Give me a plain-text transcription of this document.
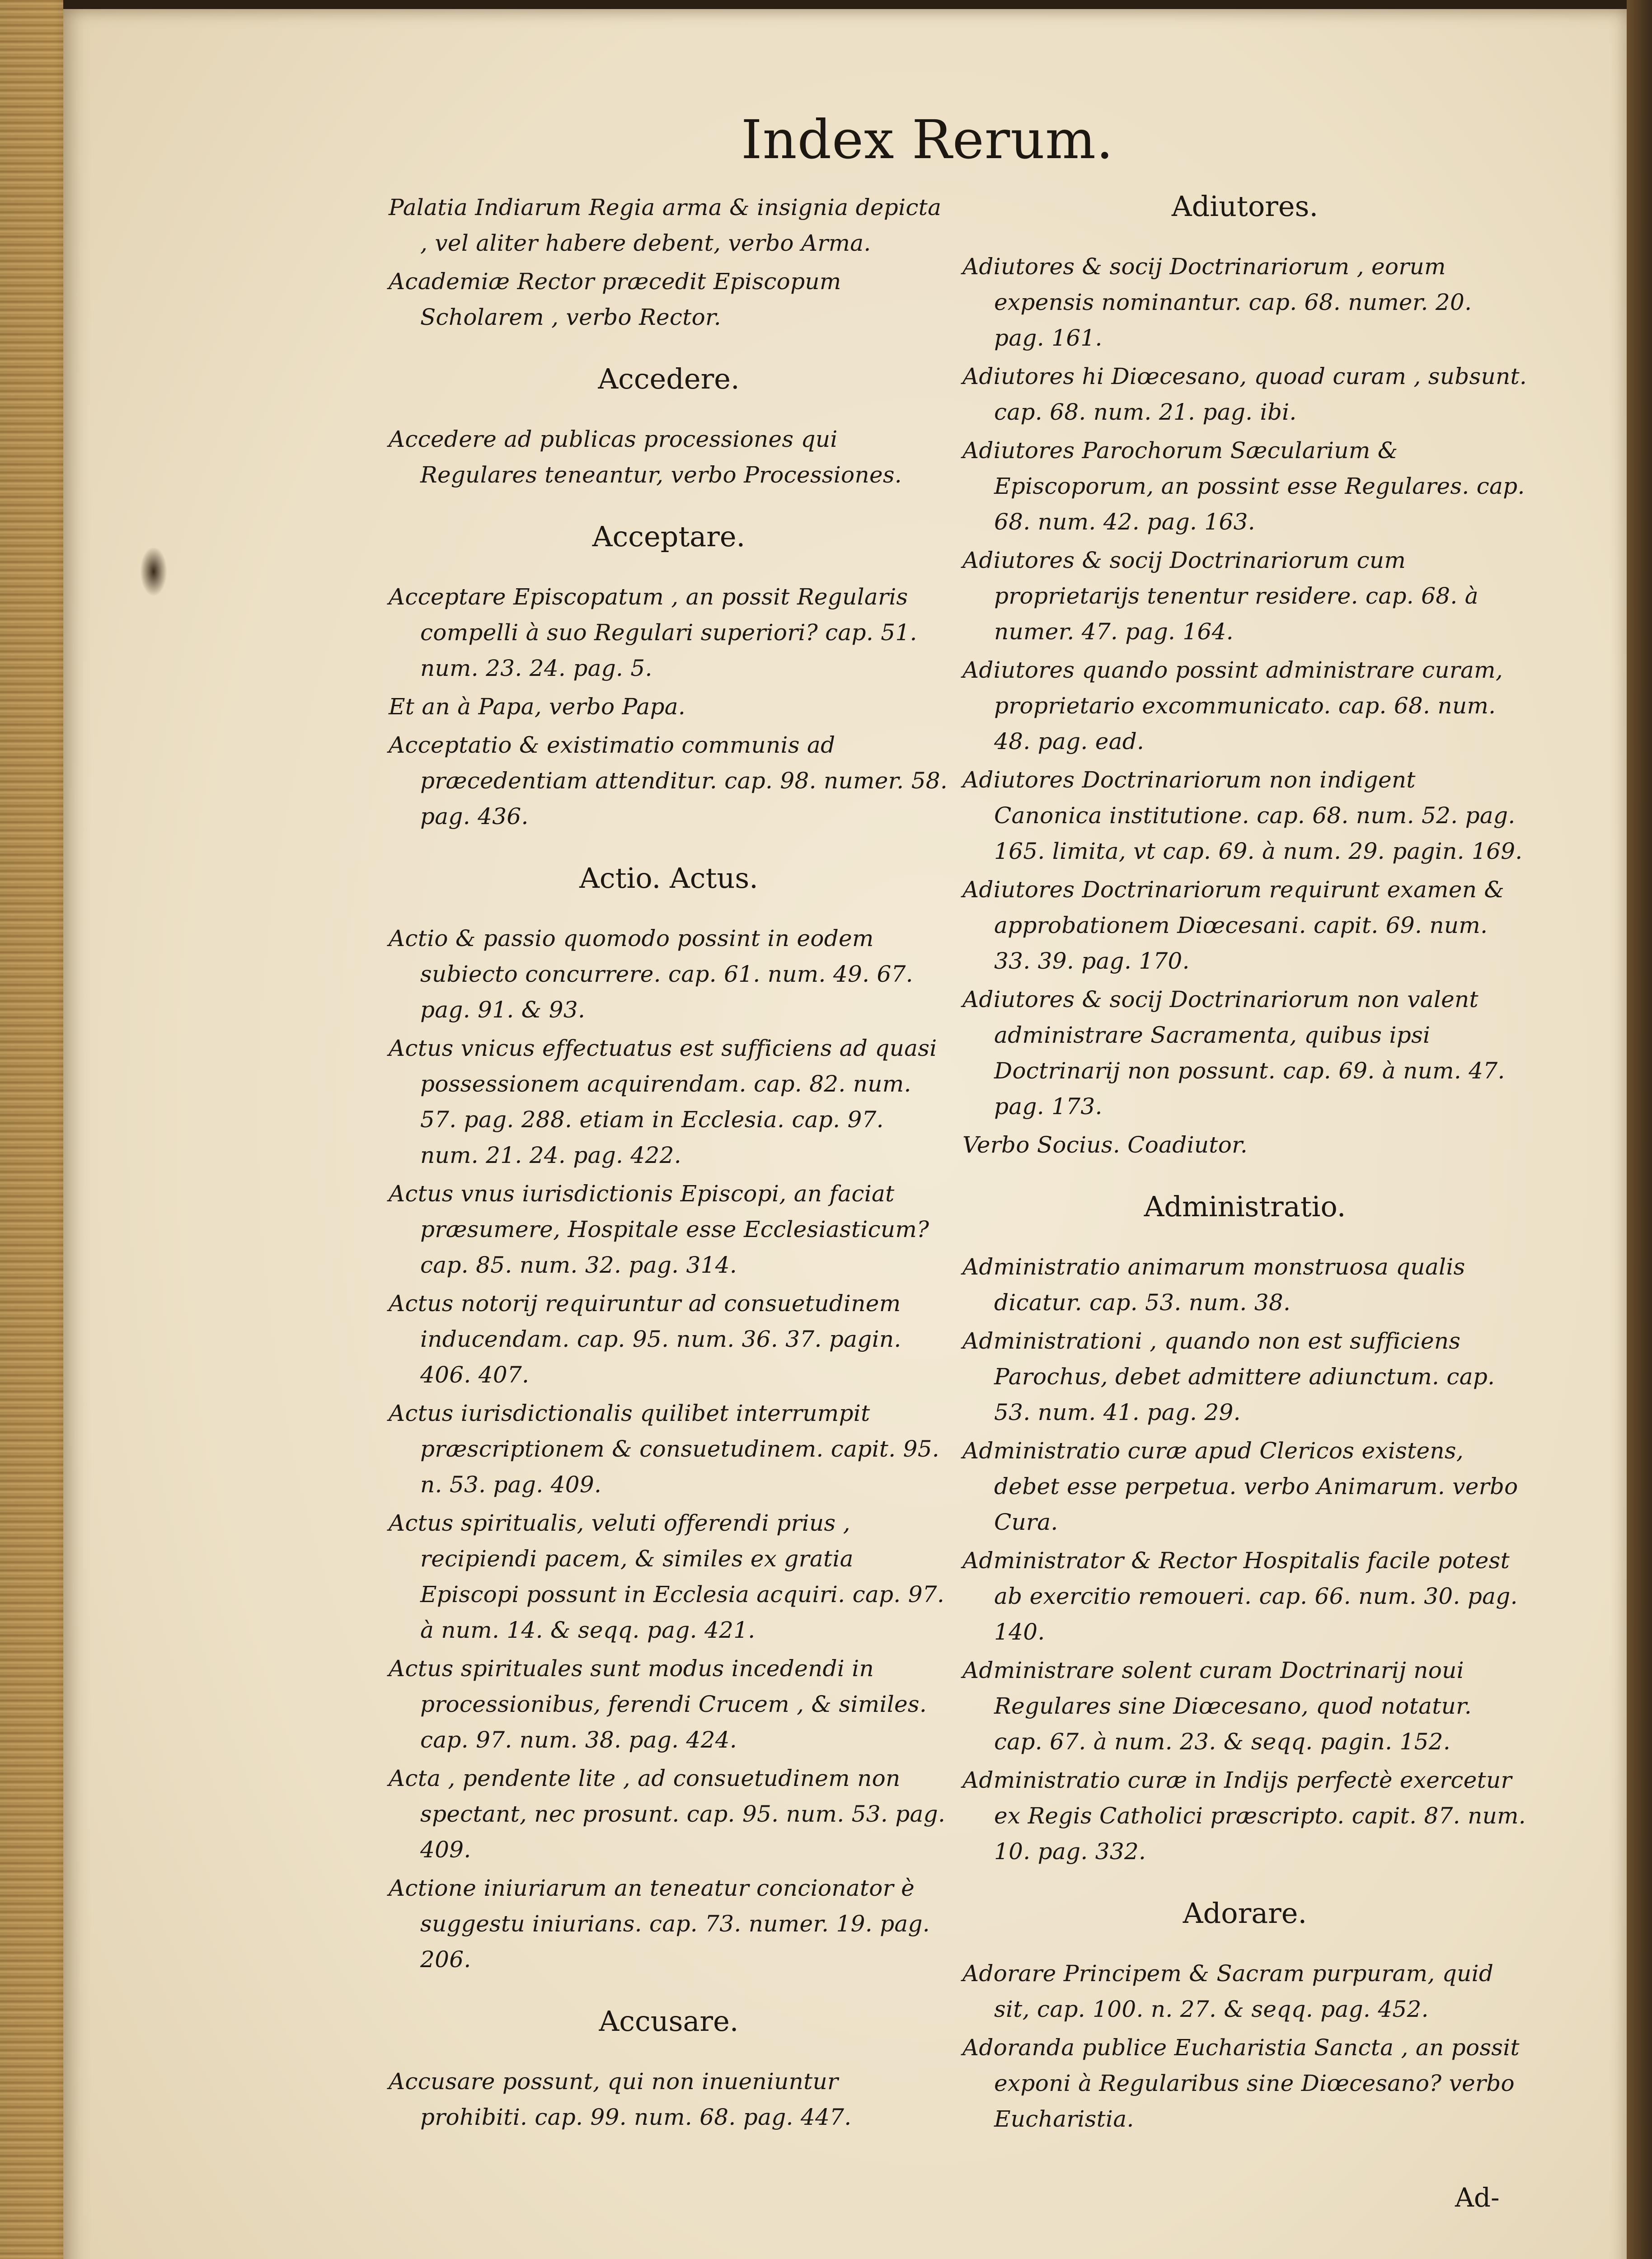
Index Rerum.

Palatia Indiarum Regia arma & insignia depicta , vel aliter habere debent, verbo Arma.

Academiæ Rector præcedit Episcopum Scholarem , verbo Rector.

Accedere.

Accedere ad publicas processiones qui Regulares teneantur, verbo Processiones.

Acceptare.

Acceptare Episcopatum , an possit Regularis compelli à suo Regulari superiori? cap. 51. num. 23. 24. pag. 5.

Et an à Papa, verbo Papa.

Acceptatio & existimatio communis ad præcedentiam attenditur. cap. 98. numer. 58. pag. 436.

Actio. Actus.

Actio & passio quomodo possint in eodem subiecto concurrere. cap. 61. num. 49. 67. pag. 91. & 93.

Actus vnicus effectuatus est sufficiens ad quasi possessionem acquirendam. cap. 82. num. 57. pag. 288. etiam in Ecclesia. cap. 97. num. 21. 24. pag. 422.

Actus vnus iurisdictionis Episcopi, an faciat præsumere, Hospitale esse Ecclesiasticum? cap. 85. num. 32. pag. 314.

Actus notorij requiruntur ad consuetudinem inducendam. cap. 95. num. 36. 37. pagin. 406. 407.

Actus iurisdictionalis quilibet interrumpit præscriptionem & consuetudinem. capit. 95. n. 53. pag. 409.

Actus spiritualis, veluti offerendi prius , recipiendi pacem, & similes ex gratia Episcopi possunt in Ecclesia acquiri. cap. 97. à num. 14. & seqq. pag. 421.

Actus spirituales sunt modus incedendi in processionibus, ferendi Crucem , & similes. cap. 97. num. 38. pag. 424.

Acta , pendente lite , ad consuetudinem non spectant, nec prosunt. cap. 95. num. 53. pag. 409.

Actione iniuriarum an teneatur concionator è suggestu iniurians. cap. 73. numer. 19. pag. 206.

Accusare.

Accusare possunt, qui non inueniuntur prohibiti. cap. 99. num. 68. pag. 447.

Adiutores.

Adiutores & socij Doctrinariorum , eorum expensis nominantur. cap. 68. numer. 20. pag. 161.

Adiutores hi Diœcesano, quoad curam , subsunt. cap. 68. num. 21. pag. ibi.

Adiutores Parochorum Sæcularium & Episcoporum, an possint esse Regulares. cap. 68. num. 42. pag. 163.

Adiutores & socij Doctrinariorum cum proprietarijs tenentur residere. cap. 68. à numer. 47. pag. 164.

Adiutores quando possint administrare curam, proprietario excommunicato. cap. 68. num. 48. pag. ead.

Adiutores Doctrinariorum non indigent Canonica institutione. cap. 68. num. 52. pag. 165. limita, vt cap. 69. à num. 29. pagin. 169.

Adiutores Doctrinariorum requirunt examen & approbationem Diœcesani. capit. 69. num. 33. 39. pag. 170.

Adiutores & socij Doctrinariorum non valent administrare Sacramenta, quibus ipsi Doctrinarij non possunt. cap. 69. à num. 47. pag. 173.

Verbo Socius. Coadiutor.

Administratio.

Administratio animarum monstruosa qualis dicatur. cap. 53. num. 38.

Administrationi , quando non est sufficiens Parochus, debet admittere adiunctum. cap. 53. num. 41. pag. 29.

Administratio curæ apud Clericos existens, debet esse perpetua. verbo Animarum. verbo Cura.

Administrator & Rector Hospitalis facile potest ab exercitio remoueri. cap. 66. num. 30. pag. 140.

Administrare solent curam Doctrinarij noui Regulares sine Diœcesano, quod notatur. cap. 67. à num. 23. & seqq. pagin. 152.

Administratio curæ in Indijs perfectè exercetur ex Regis Catholici præscripto. capit. 87. num. 10. pag. 332.

Adorare.

Adorare Principem & Sacram purpuram, quid sit, cap. 100. n. 27. & seqq. pag. 452.

Adoranda publice Eucharistia Sancta , an possit exponi à Regularibus sine Diœcesano? verbo Eucharistia.

Ad-
